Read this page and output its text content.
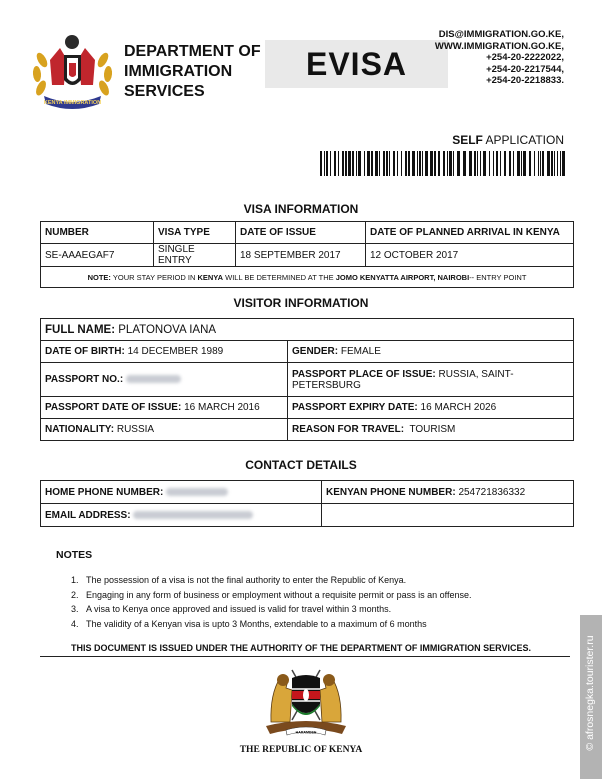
KENYA IMMIGRATION
DEPARTMENT OF
IMMIGRATION
SERVICES
EVISA
DIS@IMMIGRATION.GO.KE,
WWW.IMMIGRATION.GO.KE,
+254-20-2222022,
+254-20-2217544,
+254-20-2218833.
SELF APPLICATION
VISA INFORMATION
NUMBER	VISA TYPE	DATE OF ISSUE	DATE OF PLANNED ARRIVAL IN KENYA
SE-AAAEGAF7	SINGLE ENTRY	18 SEPTEMBER 2017	12 OCTOBER 2017
NOTE: YOUR STAY PERIOD IN KENYA WILL BE DETERMINED AT THE JOMO KENYATTA AIRPORT, NAIROBI-- ENTRY POINT			
VISITOR INFORMATION
FULL NAME: PLATONOVA IANA	
DATE OF BIRTH: 14 DECEMBER 1989	GENDER: FEMALE
PASSPORT NO.:	PASSPORT PLACE OF ISSUE: RUSSIA, SAINT-
PETERSBURG
PASSPORT DATE OF ISSUE: 16 MARCH 2016	PASSPORT EXPIRY DATE: 16 MARCH 2026
NATIONALITY: RUSSIA	REASON FOR TRAVEL: TOURISM
CONTACT DETAILS
HOME PHONE NUMBER:	KENYAN PHONE NUMBER: 254721836332
EMAIL ADDRESS:	
NOTES
1. The possession of a visa is not the final authority to enter the Republic of Kenya.
2. Engaging in any form of business or employment without a requisite permit or pass is an offense.
3. A visa to Kenya once approved and issued is valid for travel within 3 months.
4. The validity of a Kenyan visa is upto 3 Months, extendable to a maximum of 6 months
THIS DOCUMENT IS ISSUED UNDER THE AUTHORITY OF THE DEPARTMENT OF IMMIGRATION SERVICES.
HARAMBEE
THE REPUBLIC OF KENYA	© afrosnegka.tourister.ru
